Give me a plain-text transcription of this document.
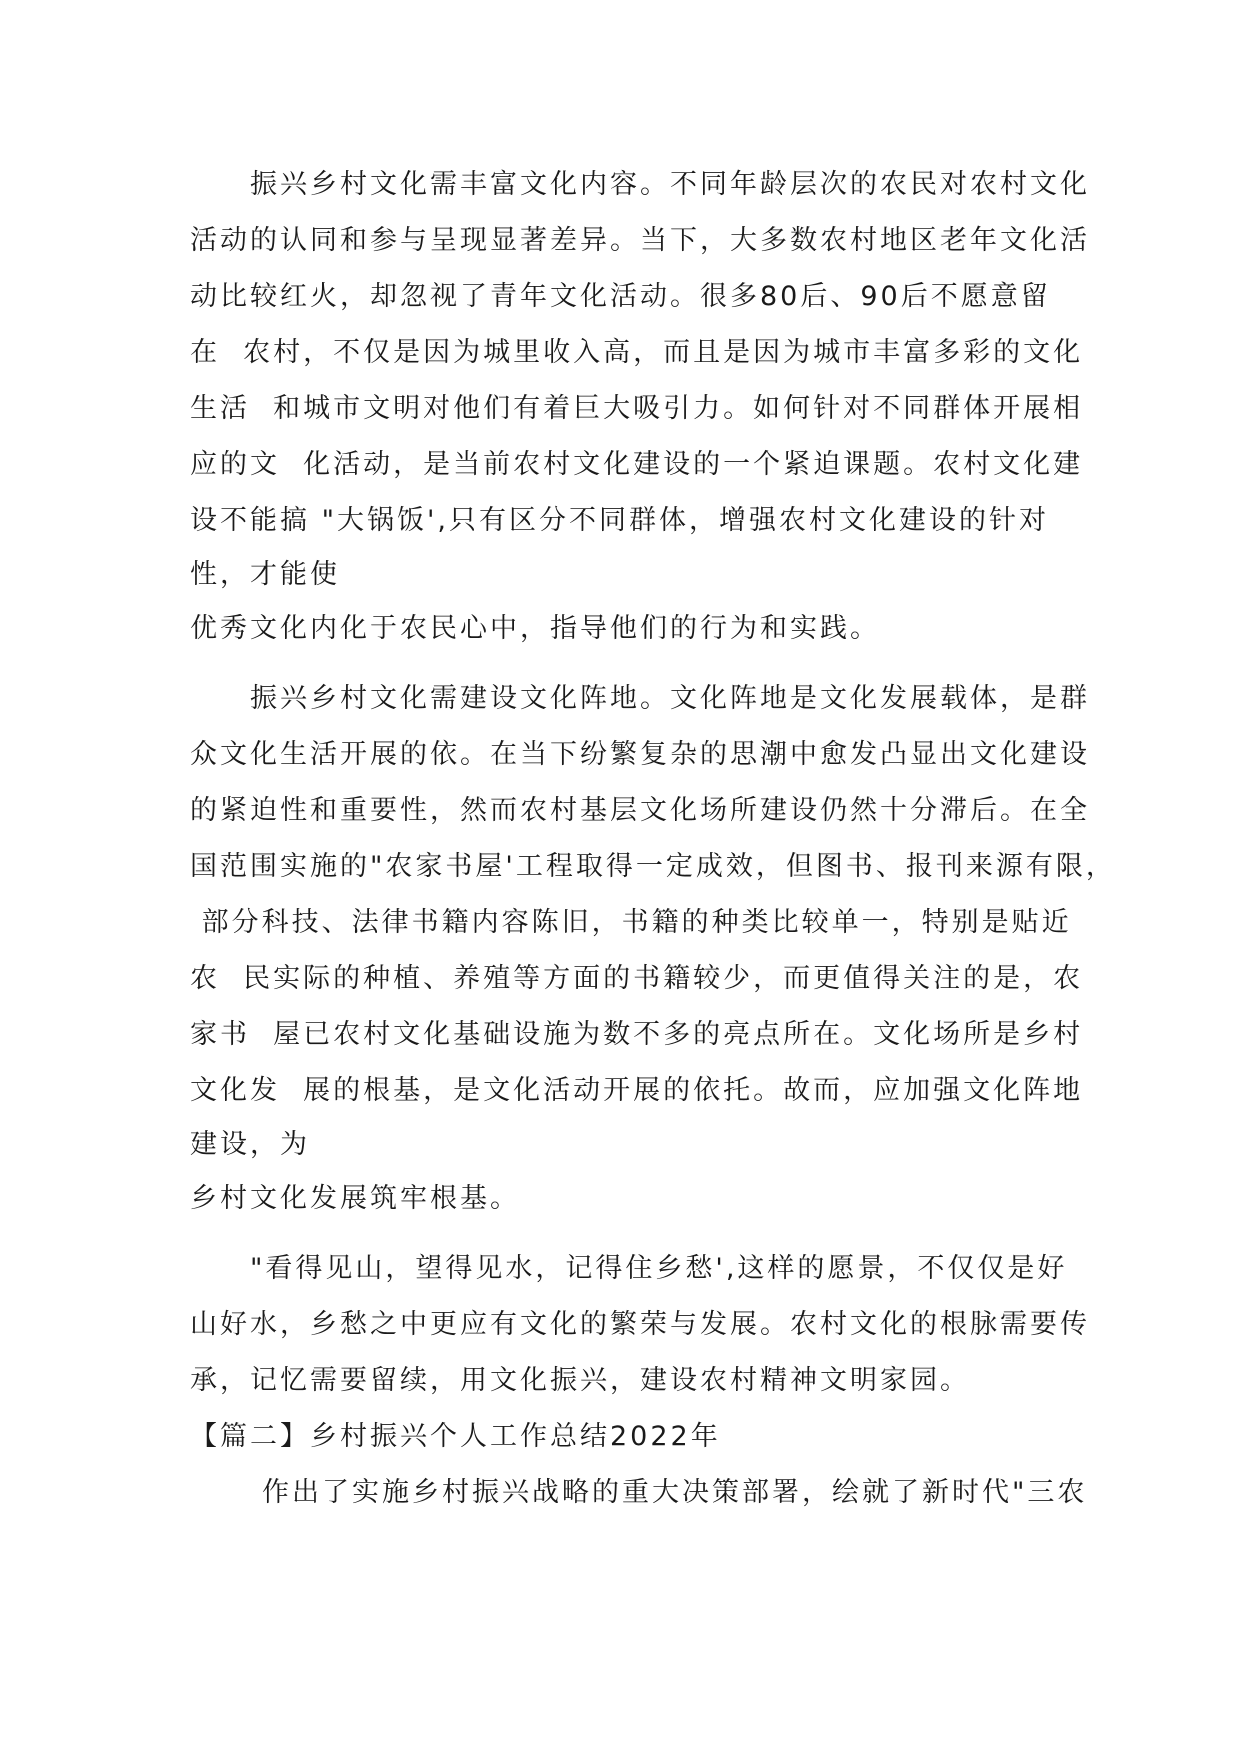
振兴乡村文化需丰富文化内容。不同年龄层次的农民对农村文化
活动的认同和参与呈现显著差异。当下，大多数农村地区老年文化活
动比较红火，却忽视了青年文化活动。很多80后、90后不愿意留
在  农村，不仅是因为城里收入高，而且是因为城市丰富多彩的文化
生活  和城市文明对他们有着巨大吸引力。如何针对不同群体开展相
应的文  化活动，是当前农村文化建设的一个紧迫课题。农村文化建
设不能搞 "大锅饭',只有区分不同群体，增强农村文化建设的针对
性，才能使
优秀文化内化于农民心中，指导他们的行为和实践。
振兴乡村文化需建设文化阵地。文化阵地是文化发展载体，是群
众文化生活开展的依。在当下纷繁复杂的思潮中愈发凸显出文化建设
的紧迫性和重要性，然而农村基层文化场所建设仍然十分滞后。在全
国范围实施的"农家书屋'工程取得一定成效，但图书、报刊来源有限，
部分科技、法律书籍内容陈旧，书籍的种类比较单一，特别是贴近
农  民实际的种植、养殖等方面的书籍较少，而更值得关注的是，农
家书  屋已农村文化基础设施为数不多的亮点所在。文化场所是乡村
文化发  展的根基，是文化活动开展的依托。故而，应加强文化阵地
建设，为
乡村文化发展筑牢根基。
"看得见山，望得见水，记得住乡愁',这样的愿景，不仅仅是好
山好水，乡愁之中更应有文化的繁荣与发展。农村文化的根脉需要传
承，记忆需要留续，用文化振兴，建设农村精神文明家园。
【篇二】乡村振兴个人工作总结2022年
作出了实施乡村振兴战略的重大决策部署，绘就了新时代"三农
